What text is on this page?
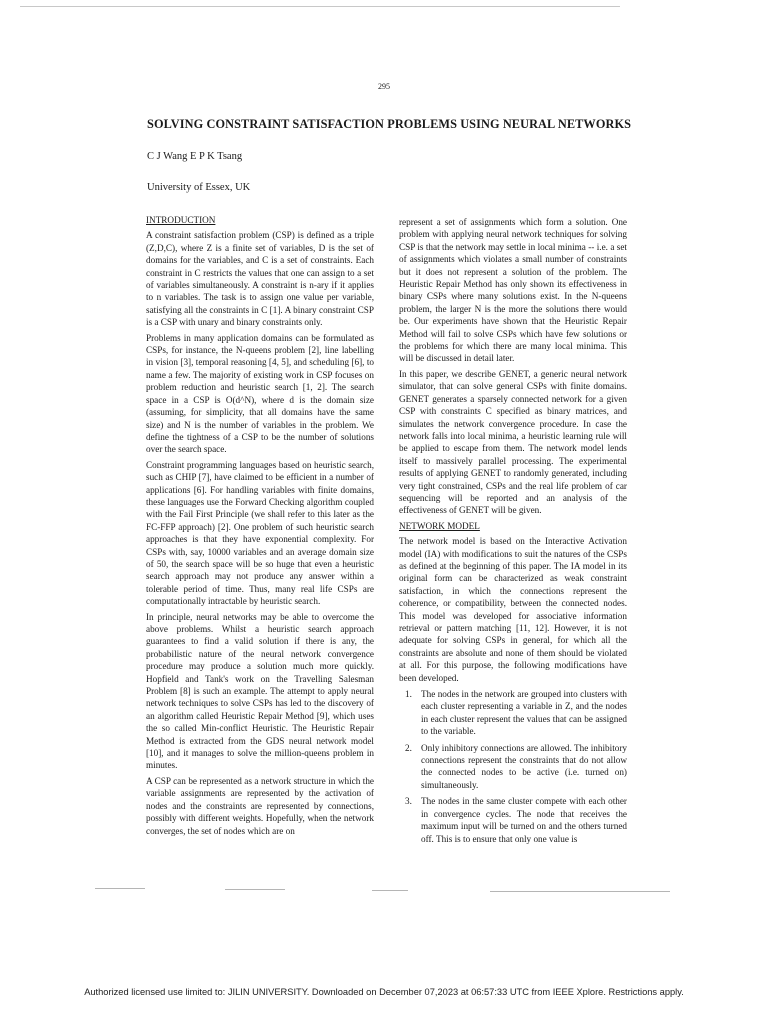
295
SOLVING CONSTRAINT SATISFACTION PROBLEMS USING NEURAL NETWORKS
C J Wang E P K Tsang
University of Essex, UK

INTRODUCTION

A constraint satisfaction problem (CSP) is defined as a triple (Z,D,C), where Z is a finite set of variables, D is the set of domains for the variables, and C is a set of constraints. Each constraint in C restricts the values that one can assign to a set of variables simultaneously. A constraint is n-ary if it applies to n variables. The task is to assign one value per variable, satisfying all the constraints in C [1]. A binary constraint CSP is a CSP with unary and binary constraints only.

Problems in many application domains can be formulated as CSPs, for instance, the N-queens problem [2], line labelling in vision [3], temporal reasoning [4, 5], and scheduling [6], to name a few. The majority of existing work in CSP focuses on problem reduction and heuristic search [1, 2]. The search space in a CSP is O(d^N), where d is the domain size (assuming, for simplicity, that all domains have the same size) and N is the number of variables in the problem. We define the tightness of a CSP to be the number of solutions over the search space.

Constraint programming languages based on heuristic search, such as CHIP [7], have claimed to be efficient in a number of applications [6]. For handling variables with finite domains, these languages use the Forward Checking algorithm coupled with the Fail First Principle (we shall refer to this later as the FC-FFP approach) [2]. One problem of such heuristic search approaches is that they have exponential complexity. For CSPs with, say, 10000 variables and an average domain size of 50, the search space will be so huge that even a heuristic search approach may not produce any answer within a tolerable period of time. Thus, many real life CSPs are computationally intractable by heuristic search.

In principle, neural networks may be able to overcome the above problems. Whilst a heuristic search approach guarantees to find a valid solution if there is any, the probabilistic nature of the neural network convergence procedure may produce a solution much more quickly. Hopfield and Tank's work on the Travelling Salesman Problem [8] is such an example. The attempt to apply neural network techniques to solve CSPs has led to the discovery of an algorithm called Heuristic Repair Method [9], which uses the so called Min-conflict Heuristic. The Heuristic Repair Method is extracted from the GDS neural network model [10], and it manages to solve the million-queens problem in minutes.

A CSP can be represented as a network structure in which the variable assignments are represented by the activation of nodes and the constraints are represented by connections, possibly with different weights. Hopefully, when the network converges, the set of nodes which are on

represent a set of assignments which form a solution. One problem with applying neural network techniques for solving CSP is that the network may settle in local minima -- i.e. a set of assignments which violates a small number of constraints but it does not represent a solution of the problem. The Heuristic Repair Method has only shown its effectiveness in binary CSPs where many solutions exist. In the N-queens problem, the larger N is the more the solutions there would be. Our experiments have shown that the Heuristic Repair Method will fail to solve CSPs which have few solutions or the problems for which there are many local minima. This will be discussed in detail later.

In this paper, we describe GENET, a generic neural network simulator, that can solve general CSPs with finite domains. GENET generates a sparsely connected network for a given CSP with constraints C specified as binary matrices, and simulates the network convergence procedure. In case the network falls into local minima, a heuristic learning rule will be applied to escape from them. The network model lends itself to massively parallel processing. The experimental results of applying GENET to randomly generated, including very tight constrained, CSPs and the real life problem of car sequencing will be reported and an analysis of the effectiveness of GENET will be given.

NETWORK MODEL

The network model is based on the Interactive Activation model (IA) with modifications to suit the natures of the CSPs as defined at the beginning of this paper. The IA model in its original form can be characterized as weak constraint satisfaction, in which the connections represent the coherence, or compatibility, between the connected nodes. This model was developed for associative information retrieval or pattern matching [11, 12]. However, it is not adequate for solving CSPs in general, for which all the constraints are absolute and none of them should be violated at all. For this purpose, the following modifications have been developed.

1. The nodes in the network are grouped into clusters with each cluster representing a variable in Z, and the nodes in each cluster represent the values that can be assigned to the variable.
2. Only inhibitory connections are allowed. The inhibitory connections represent the constraints that do not allow the connected nodes to be active (i.e. turned on) simultaneously.
3. The nodes in the same cluster compete with each other in convergence cycles. The node that receives the maximum input will be turned on and the others turned off. This is to ensure that only one value is
Authorized licensed use limited to: JILIN UNIVERSITY. Downloaded on December 07,2023 at 06:57:33 UTC from IEEE Xplore. Restrictions apply.
